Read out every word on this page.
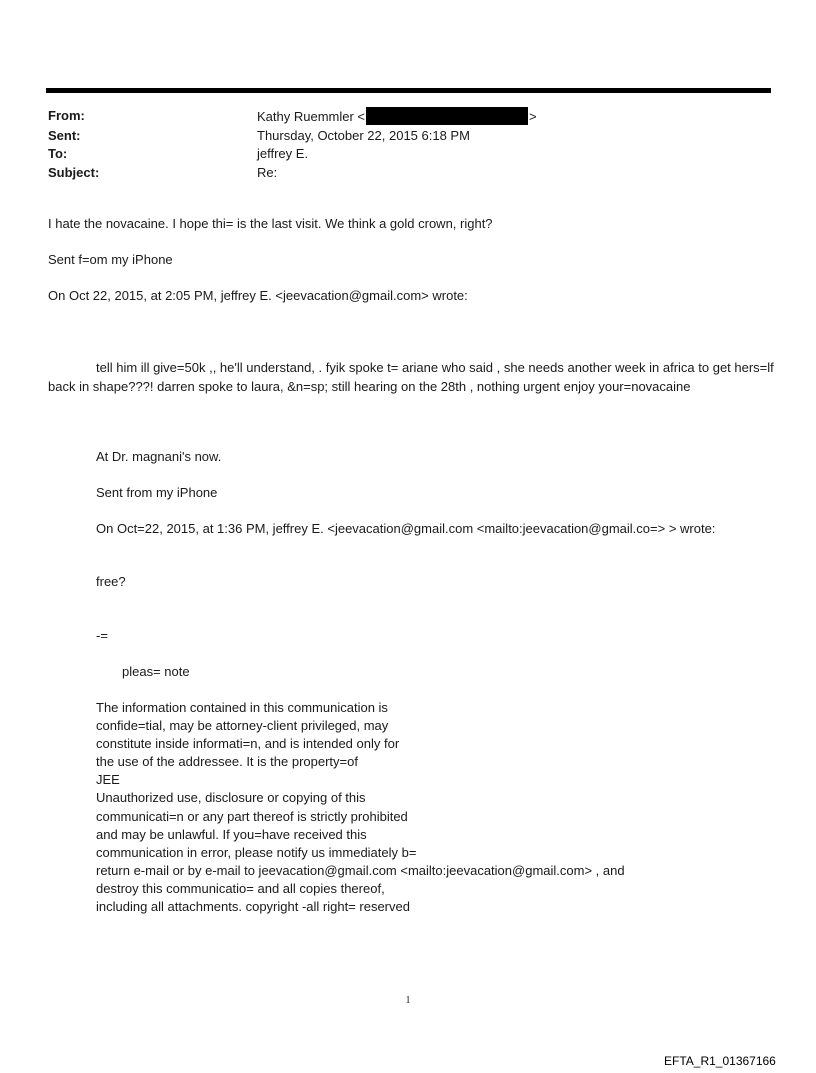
From:	Kathy Ruemmler <	>
Sent:	Thursday, October 22, 2015 6:18 PM
To:	jeffrey E.
Subject:	Re:
I hate the novacaine. I hope thi= is the last visit. We think a gold crown, right?
Sent f=om my iPhone
On Oct 22, 2015, at 2:05 PM, jeffrey E. <jeevacation@gmail.com> wrote:
tell him ill give=50k ,, he'll understand, . fyik spoke t= ariane who said , she needs another week in africa to get hers=lf back in shape???! darren spoke to laura, &n=sp; still hearing on the 28th , nothing urgent enjoy your=novacaine
At Dr. magnani's now.
Sent from my iPhone
On Oct=22, 2015, at 1:36 PM, jeffrey E. <jeevacation@gmail.com <mailto:jeevacation@gmail.co=> > wrote:
free?
-=
pleas= note
The information contained in this communication is
confide=tial, may be attorney-client privileged, may
constitute inside informati=n, and is intended only for
the use of the addressee. It is the property=of
JEE
Unauthorized use, disclosure or copying of this
communicati=n or any part thereof is strictly prohibited
and may be unlawful. If you=have received this
communication in error, please notify us immediately b=
return e-mail or by e-mail to jeevacation@gmail.com <mailto:jeevacation@gmail.com> , and
destroy this communicatio= and all copies thereof,
including all attachments. copyright -all right= reserved
1
EFTA_R1_01367166
